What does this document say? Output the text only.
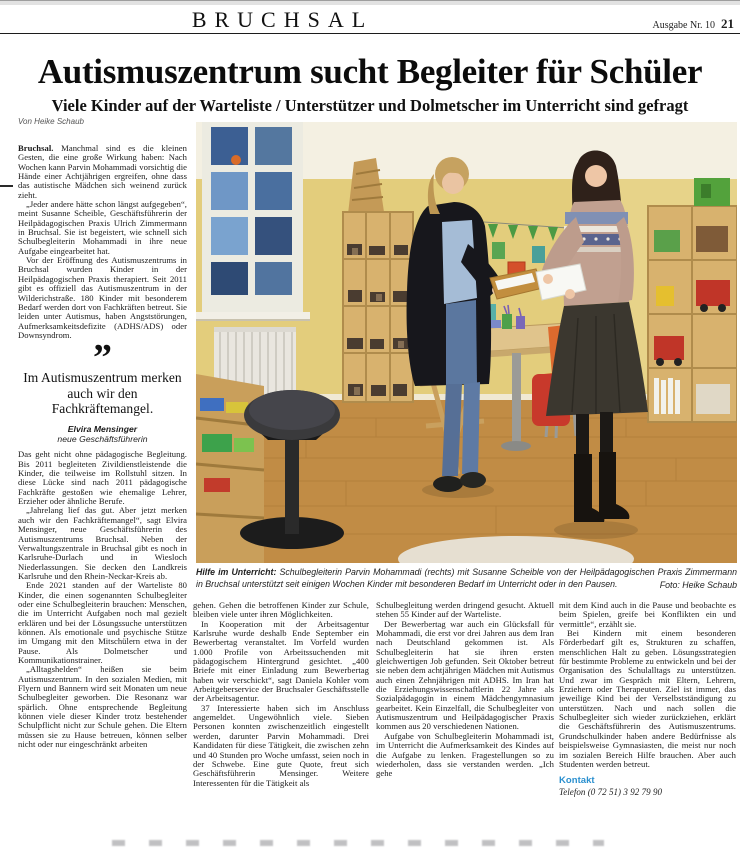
BRUCHSAL	Ausgabe Nr. 10 21
Autismuszentrum sucht Begleiter für Schüler
Viele Kinder auf der Warteliste / Unterstützer und Dolmetscher im Unterricht sind gefragt
Von Heike Schaub

Bruchsal. Manchmal sind es die kleinen Gesten, die eine große Wirkung haben: Nach Wochen kann Parvin Mohammadi vorsichtig die Hände einer Achtjährigen ergreifen, ohne dass das autistische Mädchen sich weinend zurück zieht.

„Jeder andere hätte schon längst aufgegeben“, meint Susanne Scheible, Geschäftsführerin der Heilpädagogischen Praxis Ulrich Zimmermann in Bruchsal. Sie ist begeistert, wie schnell sich Schulbegleiterin Mohammadi in ihre neue Aufgabe eingearbeitet hat.

Vor der Eröffnung des Autismuszentrums in Bruchsal wurden Kinder in der Heilpädagogischen Praxis therapiert. Seit 2011 gibt es offiziell das Autismuszentrum in der Wilderichstraße. 180 Kinder mit besonderem Bedarf werden dort von Fachkräften betreut. Sie leiden unter Autismus, haben Angststörungen, Aufmerksamkeitsdefizite (ADHS/ADS) oder Downsyndrom.

”
Im Autismuszentrum merken auch wir den Fachkräftemangel.
Elvira Mensinger
neue Geschäftsführerin

Das geht nicht ohne pädagogische Begleitung. Bis 2011 begleiteten Zivildienstleistende die Kinder, die teilweise im Rollstuhl sitzen. In diese Lücke sind nach 2011 pädagogische Fachkräfte gestoßen wie ehemalige Lehrer, Erzieher oder ähnliche Berufe.

„Jahrelang lief das gut. Aber jetzt merken auch wir den Fachkräftemangel“, sagt Elvira Mensinger, neue Geschäftsführerin des Autismuszentrums Bruchsal. Neben der Verwaltungszentrale in Bruchsal gibt es noch in Karlsruhe-Durlach und in Wiesloch Niederlassungen. Sie decken den Landkreis Karlsruhe und den Rhein-Neckar-Kreis ab.

Ende 2021 standen auf der Warteliste 80 Kinder, die einen sogenannten Schulbegleiter oder eine Schulbegleiterin brauchen: Menschen, die im Unterricht Aufgaben noch mal gezielt erklären und bei der Lösungssuche unterstützen können. Als emotionale und psychische Stütze im Umgang mit den Mitschülern etwa in der Pause. Als Dolmetscher und Kommunikationstrainer.

„Alltagshelden“ heißen sie beim Autismuszentrum. In den sozialen Medien, mit Flyern und Bannern wird seit Monaten um neue Schulbegleiter geworben. Die Resonanz war spärlich. Ohne entsprechende Begleitung können viele dieser Kinder trotz bestehender Schulpflicht nicht zur Schule gehen. Die Eltern müssen sie zu Hause betreuen, können selber nicht oder nur eingeschränkt arbeiten

Hilfe im Unterricht: Schulbegleiterin Parvin Mohammadi (rechts) mit Susanne Scheible von der Heilpädagogischen Praxis Zimmermann in Bruchsal unterstützt seit einigen Wochen Kinder mit besonderen Bedarf im Unterricht oder in den Pausen.	Foto: Heike Schaub

gehen. Gehen die betroffenen Kinder zur Schule, bleiben viele unter ihren Möglichkeiten.

In Kooperation mit der Arbeitsagentur Karlsruhe wurde deshalb Ende September ein Bewerbertag veranstaltet. Im Vorfeld wurden 1.000 Profile von Arbeitssuchenden mit pädagogischem Hintergrund gesichtet. „400 Briefe mit einer Einladung zum Bewerbertag haben wir verschickt“, sagt Daniela Kohler vom Arbeitgeberservice der Bruchsaler Geschäftsstelle der Arbeitsagentur.

37 Interessierte haben sich im Anschluss angemeldet. Ungewöhnlich viele. Sieben Personen konnten zwischenzeitlich eingestellt werden, darunter Parvin Mohammadi. Drei Kandidaten für diese Tätigkeit, die zwischen zehn und 40 Stunden pro Woche umfasst, seien noch in der Schwebe. Eine gute Quote, freut sich Geschäftsführerin Mensinger. Weitere Interessenten für die Tätigkeit als

Schulbegleitung werden dringend gesucht. Aktuell stehen 55 Kinder auf der Warteliste.

Der Bewerbertag war auch ein Glücksfall für Mohammadi, die erst vor drei Jahren aus dem Iran nach Deutschland gekommen ist. Als Schulbegleiterin hat sie ihren ersten gleichwertigen Job gefunden. Seit Oktober betreut sie neben dem achtjährigen Mädchen mit Autismus auch einen Zehnjährigen mit ADHS. Im Iran hat die Erziehungswissenschaftlerin 22 Jahre als Sozialpädagogin in einem Mädchengymnasium gearbeitet. Kein Einzelfall, die Schulbegleiter von Autismuszentrum und Heilpädagogischer Praxis kommen aus 20 verschiedenen Nationen.

Aufgabe von Schulbegleiterin Mohammadi ist, im Unterricht die Aufmerksamkeit des Kindes auf die Aufgabe zu lenken. Fragestellungen so zu wiederholen, dass sie verstanden werden. „Ich gehe

mit dem Kind auch in die Pause und beobachte es beim Spielen, greife bei Konflikten ein und vermittle“, erzählt sie.

Bei Kindern mit einem besonderen Förderbedarf gilt es, Strukturen zu schaffen, menschlichen Halt zu geben. Lösungsstrategien für bestimmte Probleme zu entwickeln und bei der Organisation des Schulalltags zu unterstützen. Und zwar im Gespräch mit Eltern, Lehrern, Erziehern oder Therapeuten. Ziel ist immer, das jeweilige Kind bei der Verselbstständigung zu unterstützen. Nach und nach sollen die Schulbegleiter sich wieder zurückziehen, erklärt die Geschäftsführerin des Autismuszentrums. Grundschulkinder haben andere Bedürfnisse als beispielsweise Gymnasiasten, die meist nur noch im sozialen Bereich Hilfe brauchen. Aber auch Studenten werden betreut.

Kontakt
Telefon (0 72 51) 3 92 79 90
